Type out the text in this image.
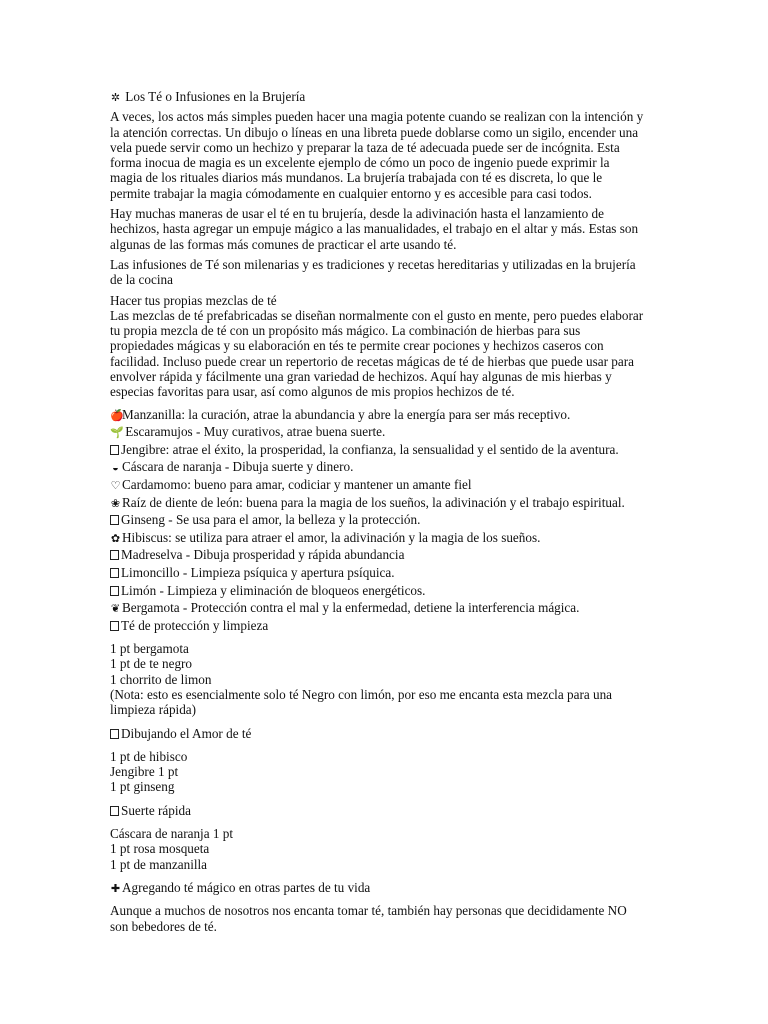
✲ Los Té o Infusiones en la Brujería
A veces, los actos más simples pueden hacer una magia potente cuando se realizan con la intención y
la atención correctas. Un dibujo o líneas en una libreta puede doblarse como un sigilo, encender una
vela puede servir como un hechizo y preparar la taza de té adecuada puede ser de incógnita. Esta
forma inocua de magia es un excelente ejemplo de cómo un poco de ingenio puede exprimir la
magia de los rituales diarios más mundanos. La brujería trabajada con té es discreta, lo que le
permite trabajar la magia cómodamente en cualquier entorno y es accesible para casi todos.
Hay muchas maneras de usar el té en tu brujería, desde la adivinación hasta el lanzamiento de
hechizos, hasta agregar un empuje mágico a las manualidades, el trabajo en el altar y más. Estas son
algunas de las formas más comunes de practicar el arte usando té.
Las infusiones de Té son milenarias y es tradiciones y recetas hereditarias y utilizadas en la brujería
de la cocina
Hacer tus propias mezclas de té
Las mezclas de té prefabricadas se diseñan normalmente con el gusto en mente, pero puedes elaborar
tu propia mezcla de té con un propósito más mágico. La combinación de hierbas para sus
propiedades mágicas y su elaboración en tés te permite crear pociones y hechizos caseros con
facilidad. Incluso puede crear un repertorio de recetas mágicas de té de hierbas que puede usar para
envolver rápida y fácilmente una gran variedad de hechizos. Aquí hay algunas de mis hierbas y
especias favoritas para usar, así como algunos de mis propios hechizos de té.
🍎Manzanilla: la curación, atrae la abundancia y abre la energía para ser más receptivo.
🌱 Escaramujos - Muy curativos, atrae buena suerte.
Jengibre: atrae el éxito, la prosperidad, la confianza, la sensualidad y el sentido de la aventura.
◒ Cáscara de naranja - Dibuja suerte y dinero.
♡ Cardamomo: bueno para amar, codiciar y mantener un amante fiel
❀ Raíz de diente de león: buena para la magia de los sueños, la adivinación y el trabajo espiritual.
Ginseng - Se usa para el amor, la belleza y la protección.
✿ Hibiscus: se utiliza para atraer el amor, la adivinación y la magia de los sueños.
Madreselva - Dibuja prosperidad y rápida abundancia
Limoncillo - Limpieza psíquica y apertura psíquica.
Limón - Limpieza y eliminación de bloqueos energéticos.
❦ Bergamota - Protección contra el mal y la enfermedad, detiene la interferencia mágica.
Té de protección y limpieza
1 pt bergamota
1 pt de te negro
1 chorrito de limon
(Nota: esto es esencialmente solo té Negro con limón, por eso me encanta esta mezcla para una
limpieza rápida)
Dibujando el Amor de té
1 pt de hibisco
Jengibre 1 pt
1 pt ginseng
Suerte rápida
Cáscara de naranja 1 pt
1 pt rosa mosqueta
1 pt de manzanilla
✚ Agregando té mágico en otras partes de tu vida
Aunque a muchos de nosotros nos encanta tomar té, también hay personas que decididamente NO
son bebedores de té.
